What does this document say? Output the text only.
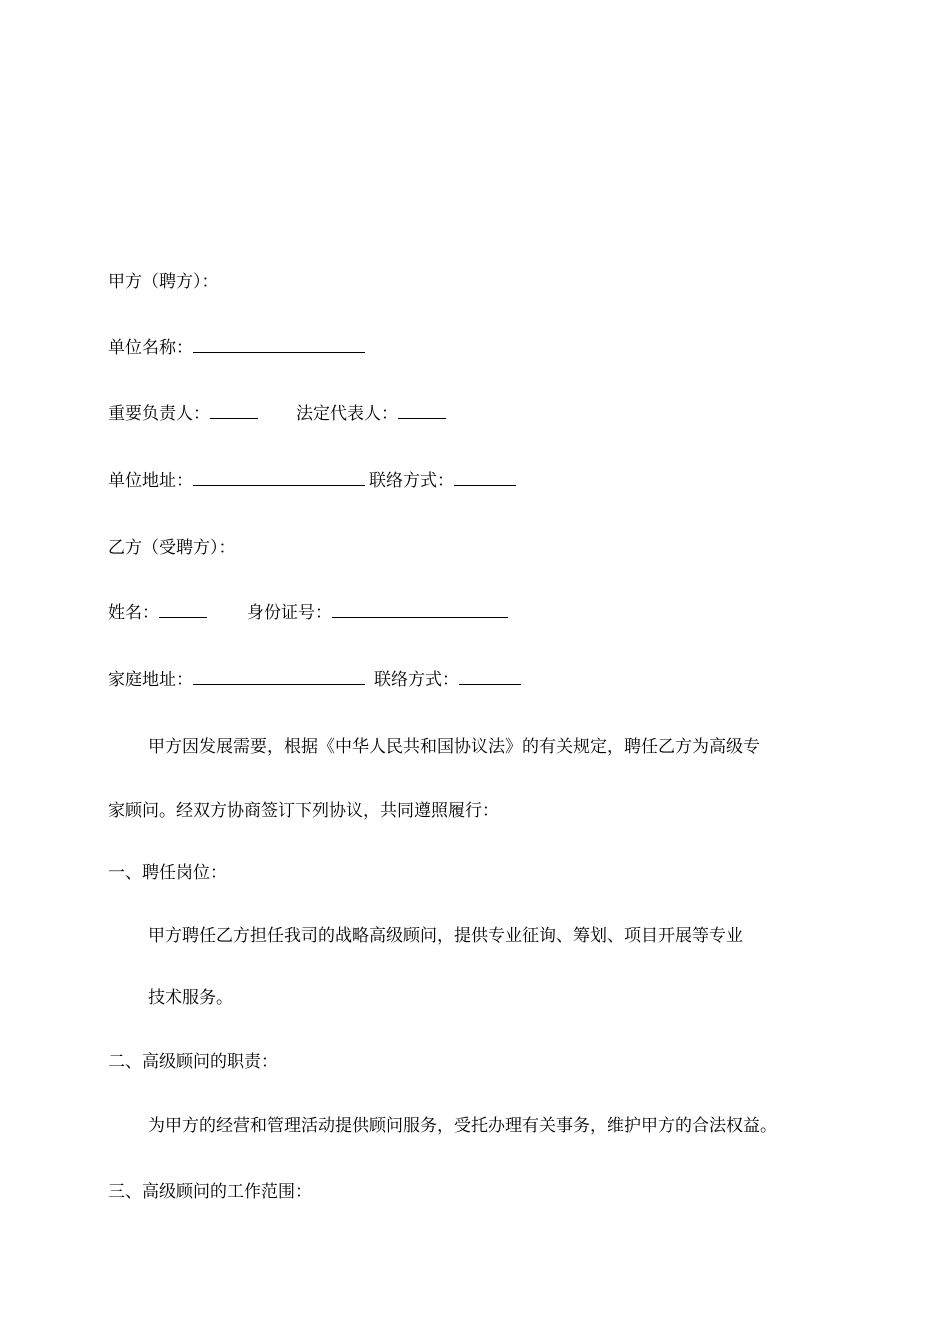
甲方（聘方）：
单位名称：
重要负责人：	法定代表人：
单位地址：	联络方式：
乙方（受聘方）：
姓名：	身份证号：
家庭地址：	联络方式：
甲方因发展需要，根据《中华人民共和国协议法》的有关规定，聘任乙方为高级专
家顾问。经双方协商签订下列协议，共同遵照履行：
一、聘任岗位：
甲方聘任乙方担任我司的战略高级顾问，提供专业征询、筹划、项目开展等专业
技术服务。
二、高级顾问的职责：
为甲方的经营和管理活动提供顾问服务，受托办理有关事务，维护甲方的合法权益。
三、高级顾问的工作范围：
